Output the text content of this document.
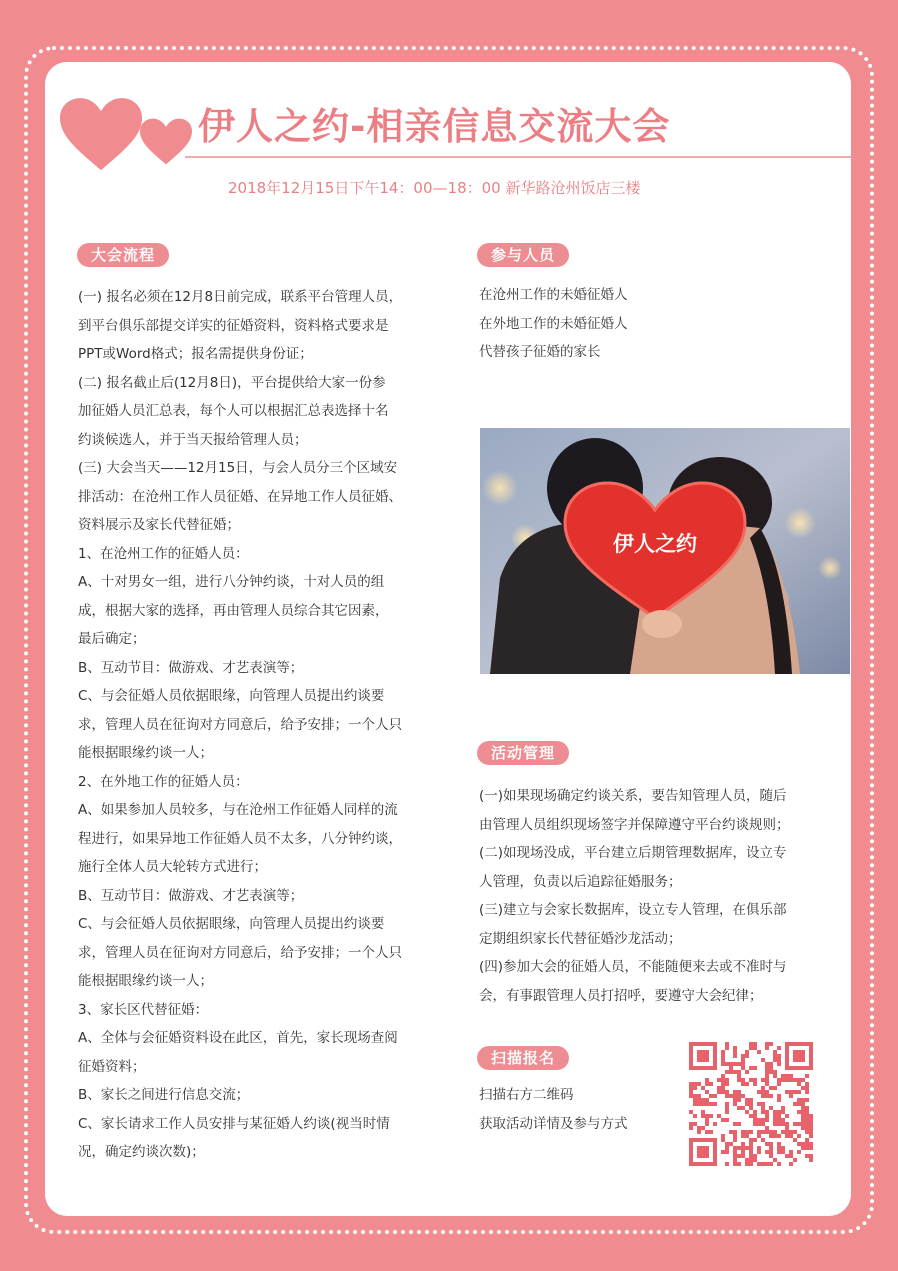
伊人之约-相亲信息交流大会
2018年12月15日下午14：00—18：00 新华路沧州饭店三楼
大会流程

(一) 报名必须在12月8日前完成，联系平台管理人员，

到平台俱乐部提交详实的征婚资料，资料格式要求是

PPT或Word格式；报名需提供身份证；

(二) 报名截止后(12月8日)，平台提供给大家一份参

加征婚人员汇总表，每个人可以根据汇总表选择十名

约谈候选人，并于当天报给管理人员；

(三) 大会当天——12月15日，与会人员分三个区域安

排活动：在沧州工作人员征婚、在异地工作人员征婚、

资料展示及家长代替征婚；

1、在沧州工作的征婚人员：

A、十对男女一组，进行八分钟约谈，十对人员的组

成，根据大家的选择，再由管理人员综合其它因素，

最后确定；

B、互动节目：做游戏、才艺表演等；

C、与会征婚人员依据眼缘，向管理人员提出约谈要

求，管理人员在征询对方同意后，给予安排；一个人只

能根据眼缘约谈一人；

2、在外地工作的征婚人员：

A、如果参加人员较多，与在沧州工作征婚人同样的流

程进行，如果异地工作征婚人员不太多，八分钟约谈，

施行全体人员大轮转方式进行；

B、互动节目：做游戏、才艺表演等；

C、与会征婚人员依据眼缘，向管理人员提出约谈要

求，管理人员在征询对方同意后，给予安排；一个人只

能根据眼缘约谈一人；

3、家长区代替征婚：

A、全体与会征婚资料设在此区，首先，家长现场查阅

征婚资料；

B、家长之间进行信息交流；

C、家长请求工作人员安排与某征婚人约谈(视当时情

况，确定约谈次数)；

参与人员

在沧州工作的未婚征婚人

在外地工作的未婚征婚人

代替孩子征婚的家长

伊人之约
活动管理

(一)如果现场确定约谈关系，要告知管理人员，随后

由管理人员组织现场签字并保障遵守平台约谈规则；

(二)如现场没成，平台建立后期管理数据库，设立专

人管理，负责以后追踪征婚服务；

(三)建立与会家长数据库，设立专人管理，在俱乐部

定期组织家长代替征婚沙龙活动；

(四)参加大会的征婚人员，不能随便来去或不准时与

会，有事跟管理人员打招呼，要遵守大会纪律；

扫描报名

扫描右方二维码

获取活动详情及参与方式
